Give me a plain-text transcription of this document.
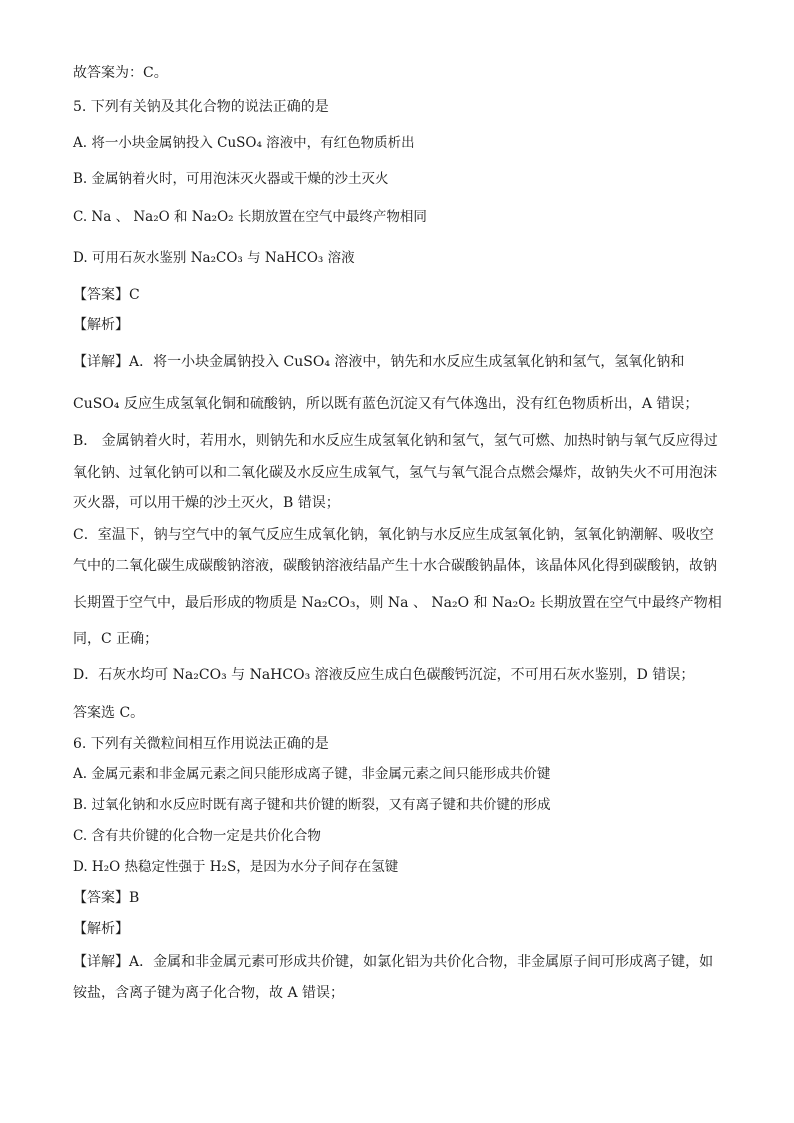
故答案为：C。
5. 下列有关钠及其化合物的说法正确的是
A. 将一小块金属钠投入 CuSO₄ 溶液中，有红色物质析出
B. 金属钠着火时，可用泡沫灭火器或干燥的沙土灭火
C. Na 、 Na₂O 和 Na₂O₂ 长期放置在空气中最终产物相同
D. 可用石灰水鉴别 Na₂CO₃ 与 NaHCO₃ 溶液
【答案】C
【解析】
【详解】A．将一小块金属钠投入 CuSO₄ 溶液中，钠先和水反应生成氢氧化钠和氢气，氢氧化钠和
CuSO₄ 反应生成氢氧化铜和硫酸钠，所以既有蓝色沉淀又有气体逸出，没有红色物质析出，A 错误；
B． 金属钠着火时，若用水，则钠先和水反应生成氢氧化钠和氢气，氢气可燃、加热时钠与氧气反应得过
氧化钠、过氧化钠可以和二氧化碳及水反应生成氧气，氢气与氧气混合点燃会爆炸，故钠失火不可用泡沫
灭火器，可以用干燥的沙土灭火，B 错误；
C．室温下，钠与空气中的氧气反应生成氧化钠，氧化钠与水反应生成氢氧化钠，氢氧化钠潮解、吸收空
气中的二氧化碳生成碳酸钠溶液，碳酸钠溶液结晶产生十水合碳酸钠晶体，该晶体风化得到碳酸钠，故钠
长期置于空气中，最后形成的物质是 Na₂CO₃，则 Na 、 Na₂O 和 Na₂O₂ 长期放置在空气中最终产物相
同，C 正确；
D．石灰水均可 Na₂CO₃ 与 NaHCO₃ 溶液反应生成白色碳酸钙沉淀，不可用石灰水鉴别，D 错误；
答案选 C。
6. 下列有关微粒间相互作用说法正确的是
A. 金属元素和非金属元素之间只能形成离子键，非金属元素之间只能形成共价键
B. 过氧化钠和水反应时既有离子键和共价键的断裂，又有离子键和共价键的形成
C. 含有共价键的化合物一定是共价化合物
D. H₂O 热稳定性强于 H₂S，是因为水分子间存在氢键
【答案】B
【解析】
【详解】A．金属和非金属元素可形成共价键，如氯化铝为共价化合物，非金属原子间可形成离子键，如
铵盐，含离子键为离子化合物，故 A 错误；
